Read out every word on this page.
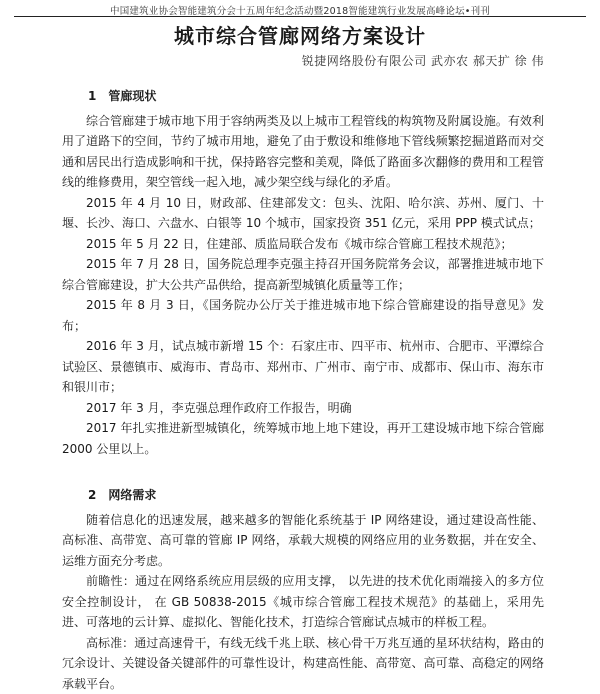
中国建筑业协会智能建筑分会十五周年纪念活动暨2018智能建筑行业发展高峰论坛•刊刊
城市综合管廊网络方案设计
锐捷网络股份有限公司 武亦农 郝天扩 徐 伟
1 管廊现状

综合管廊建于城市地下用于容纳两类及以上城市工程管线的构筑物及附属设施。有效利用了道路下的空间，节约了城市用地，避免了由于敷设和维修地下管线频繁挖掘道路而对交通和居民出行造成影响和干扰，保持路容完整和美观，降低了路面多次翻修的费用和工程管线的维修费用，架空管线一起入地，减少架空线与绿化的矛盾。

2015 年 4 月 10 日，财政部、住建部发文：包头、沈阳、哈尔滨、苏州、厦门、十堰、长沙、海口、六盘水、白银等 10 个城市，国家投资 351 亿元，采用 PPP 模式试点；

2015 年 5 月 22 日，住建部、质监局联合发布《城市综合管廊工程技术规范》；

2015 年 7 月 28 日，国务院总理李克强主持召开国务院常务会议，部署推进城市地下综合管廊建设，扩大公共产品供给，提高新型城镇化质量等工作；

2015 年 8 月 3 日，《国务院办公厅关于推进城市地下综合管廊建设的指导意见》发布；

2016 年 3 月，试点城市新增 15 个：石家庄市、四平市、杭州市、合肥市、平潭综合试验区、景德镇市、威海市、青岛市、郑州市、广州市、南宁市、成都市、保山市、海东市和银川市；

2017 年 3 月，李克强总理作政府工作报告，明确

2017 年扎实推进新型城镇化，统筹城市地上地下建设，再开工建设城市地下综合管廊 2000 公里以上。

2 网络需求

随着信息化的迅速发展，越来越多的智能化系统基于 IP 网络建设，通过建设高性能、高标准、高带宽、高可靠的管廊 IP 网络，承载大规模的网络应用的业务数据，并在安全、运维方面充分考虑。

前瞻性：通过在网络系统应用层级的应用支撑， 以先进的技术优化雨端接入的多方位安全控制设计， 在 GB 50838-2015《城市综合管廊工程技术规范》的基础上，采用先进、可落地的云计算、虚拟化、智能化技术，打造综合管廊试点城市的样板工程。

高标准：通过高速骨干，有线无线千兆上联、核心骨干万兆互通的星环状结构，路由的冗余设计、关键设备关键部件的可靠性设计，构建高性能、高带宽、高可靠、高稳定的网络承载平台。
